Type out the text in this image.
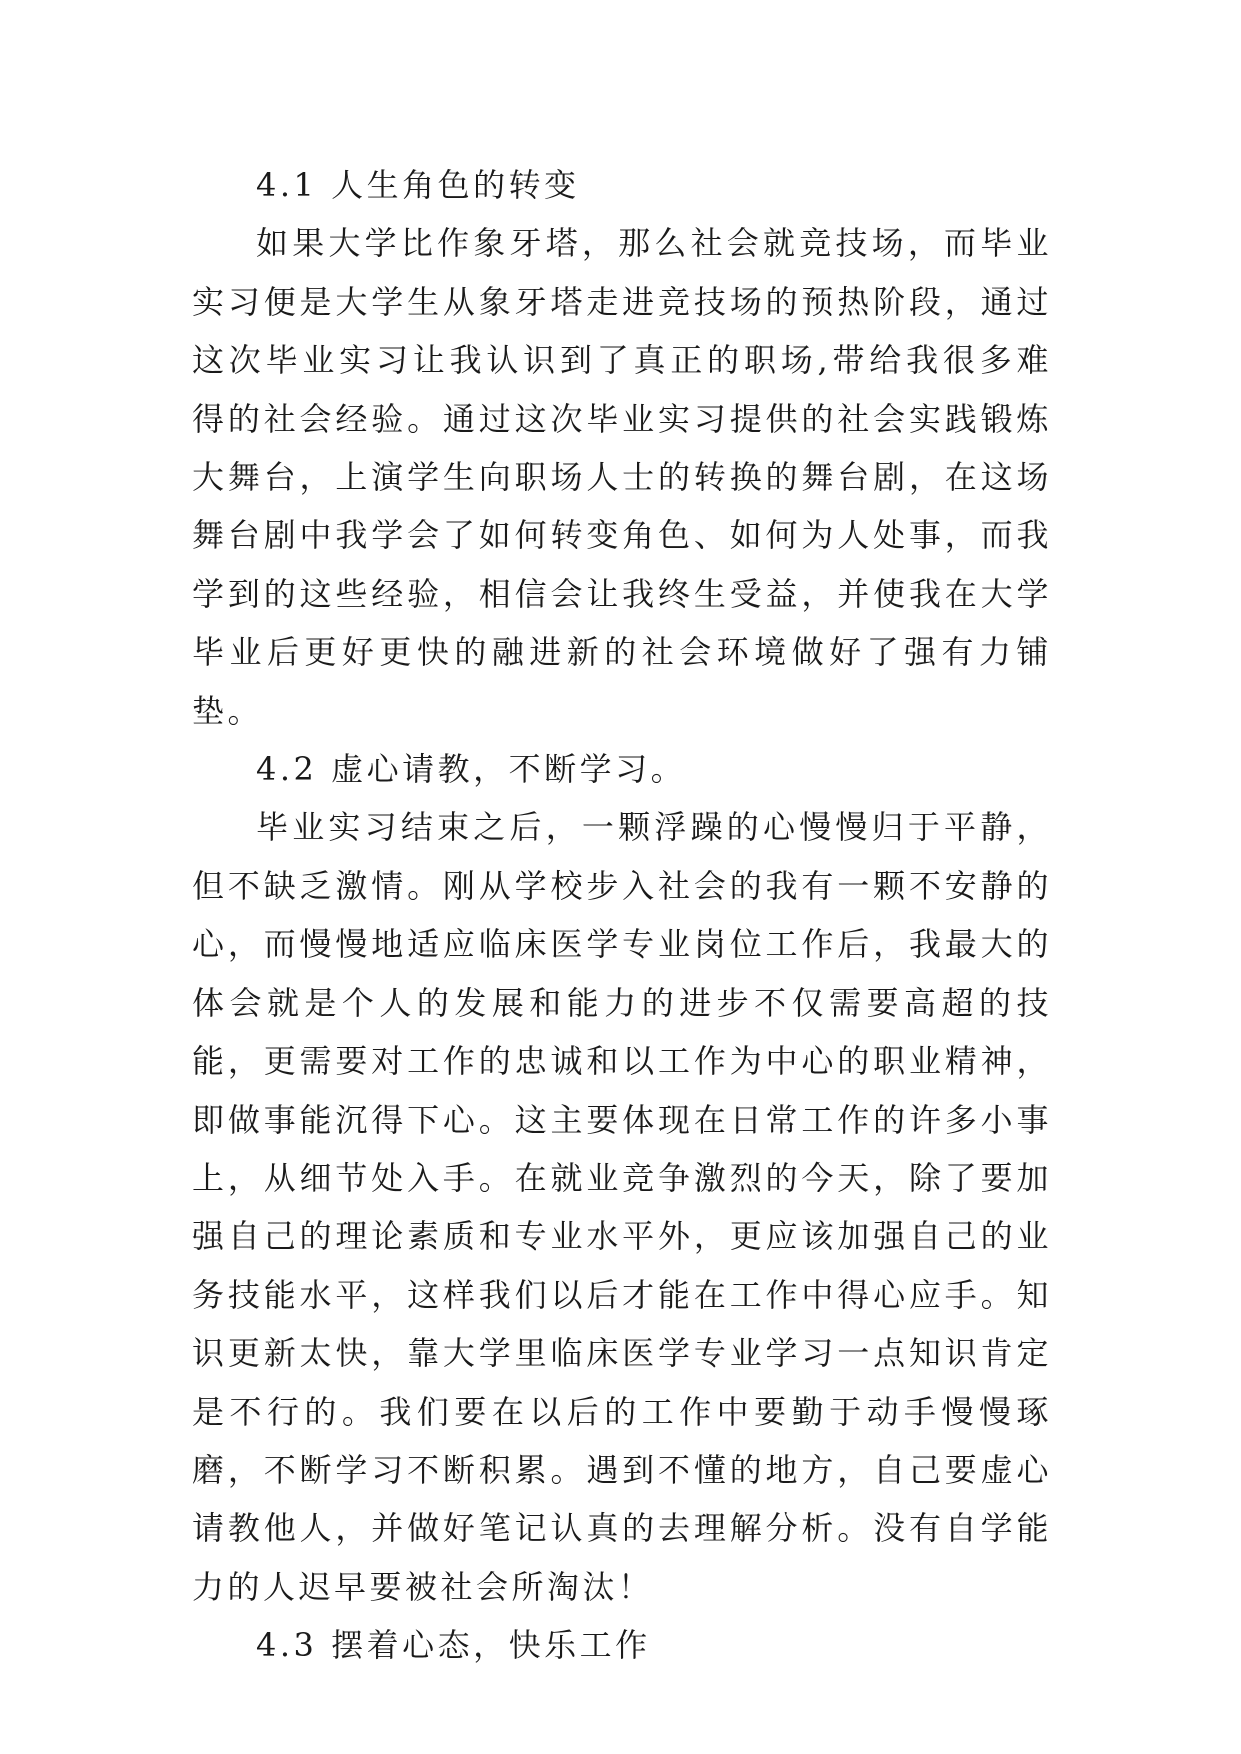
4.1 人生角色的转变

如果大学比作象牙塔，那么社会就竞技场，而毕业实习便是大学生从象牙塔走进竞技场的预热阶段，通过这次毕业实习让我认识到了真正的职场,带给我很多难得的社会经验。通过这次毕业实习提供的社会实践锻炼大舞台，上演学生向职场人士的转换的舞台剧，在这场舞台剧中我学会了如何转变角色、如何为人处事，而我学到的这些经验，相信会让我终生受益，并使我在大学毕业后更好更快的融进新的社会环境做好了强有力铺垫。

4.2 虚心请教，不断学习。

毕业实习结束之后，一颗浮躁的心慢慢归于平静，但不缺乏激情。刚从学校步入社会的我有一颗不安静的心，而慢慢地适应临床医学专业岗位工作后，我最大的体会就是个人的发展和能力的进步不仅需要高超的技能，更需要对工作的忠诚和以工作为中心的职业精神，即做事能沉得下心。这主要体现在日常工作的许多小事上，从细节处入手。在就业竞争激烈的今天，除了要加强自己的理论素质和专业水平外，更应该加强自己的业务技能水平，这样我们以后才能在工作中得心应手。知识更新太快，靠大学里临床医学专业学习一点知识肯定是不行的。我们要在以后的工作中要勤于动手慢慢琢磨，不断学习不断积累。遇到不懂的地方，自己要虚心请教他人，并做好笔记认真的去理解分析。没有自学能力的人迟早要被社会所淘汰！

4.3 摆着心态，快乐工作
